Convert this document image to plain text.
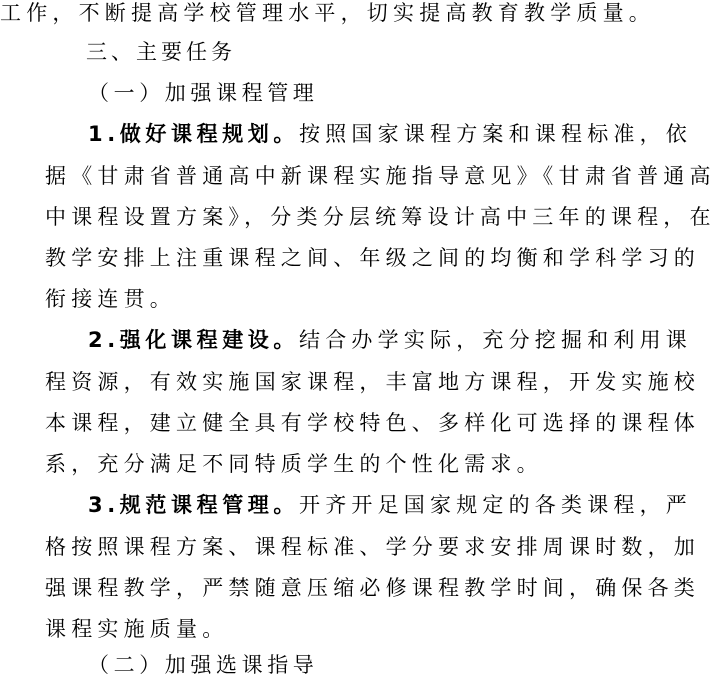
工作，不断提高学校管理水平，切实提高教育教学质量。
三、主要任务
（一）加强课程管理
1.做好课程规划。按照国家课程方案和课程标准，依
据《甘肃省普通高中新课程实施指导意见》《甘肃省普通高
中课程设置方案》，分类分层统筹设计高中三年的课程，在
教学安排上注重课程之间、年级之间的均衡和学科学习的
衔接连贯。
2.强化课程建设。结合办学实际，充分挖掘和利用课
程资源，有效实施国家课程，丰富地方课程，开发实施校
本课程，建立健全具有学校特色、多样化可选择的课程体
系，充分满足不同特质学生的个性化需求。
3.规范课程管理。开齐开足国家规定的各类课程，严
格按照课程方案、课程标准、学分要求安排周课时数，加
强课程教学，严禁随意压缩必修课程教学时间，确保各类
课程实施质量。
（二）加强选课指导
